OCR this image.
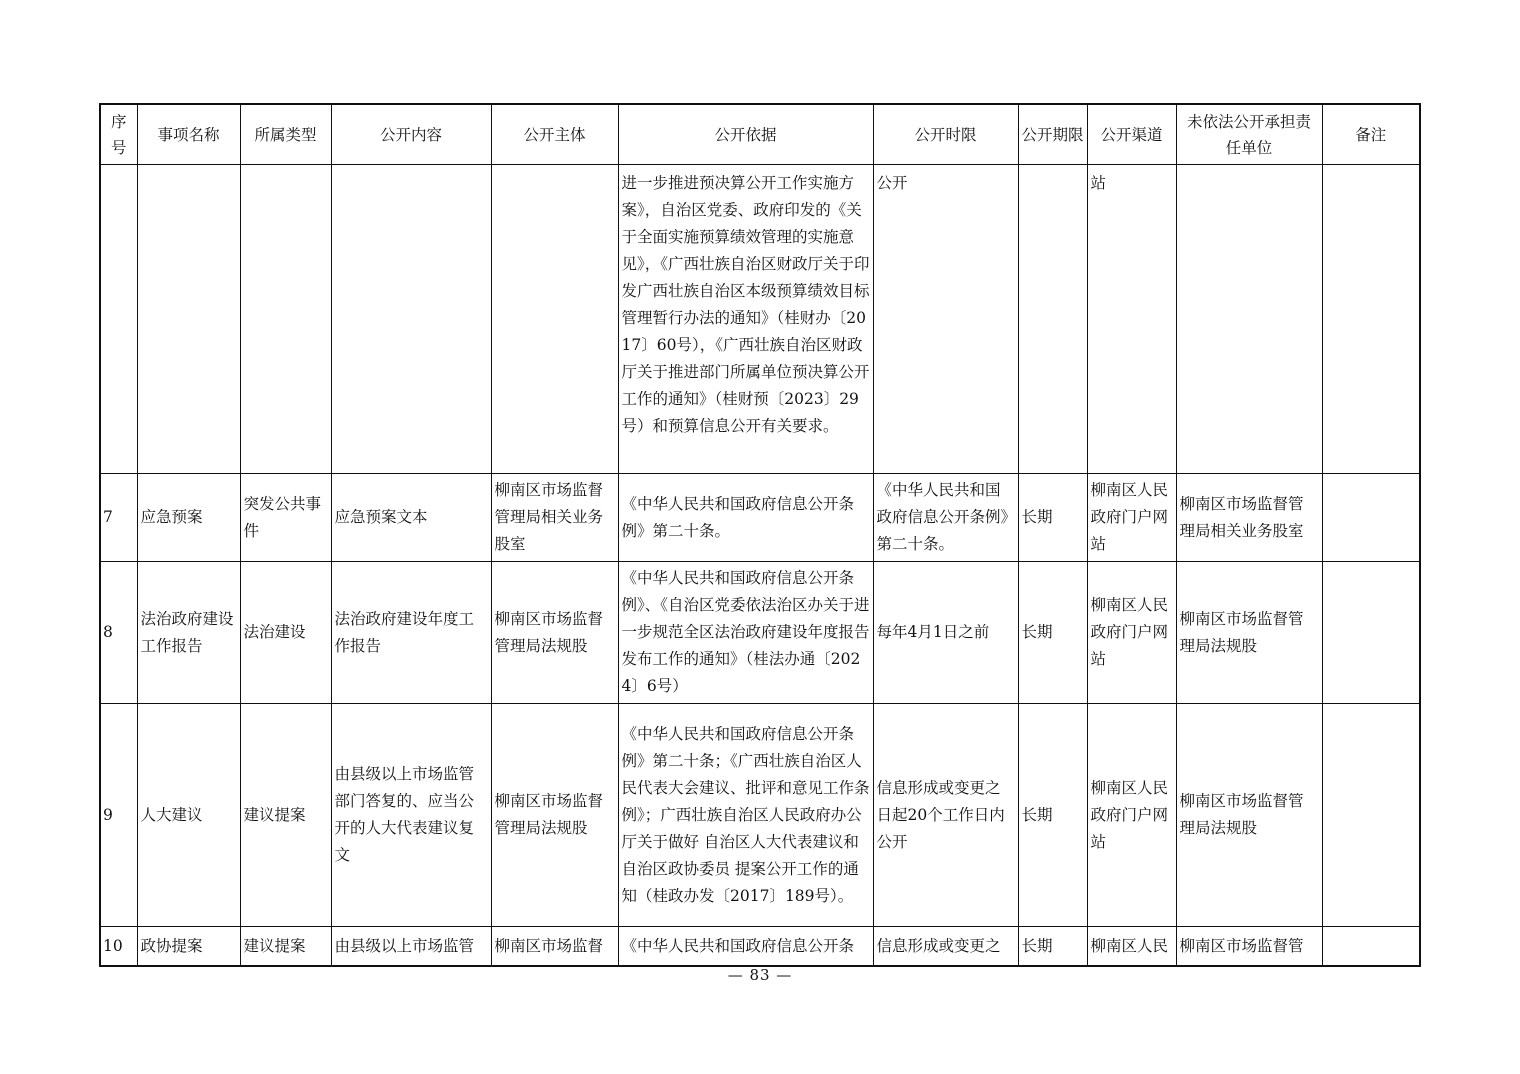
序号	事项名称	所属类型	公开内容	公开主体	公开依据	公开时限	公开期限	公开渠道	未依法公开承担责任单位	备注
					进一步推进预决算公开工作实施方案》，自治区党委、政府印发的《关于全面实施预算绩效管理的实施意见》，《广西壮族自治区财政厅关于印发广西壮族自治区本级预算绩效目标管理暂行办法的通知》（桂财办〔2017〕60号），《广西壮族自治区财政厅关于推进部门所属单位预决算公开工作的通知》（桂财预〔2023〕29号）和预算信息公开有关要求。	公开		站		
7	应急预案	突发公共事件	应急预案文本	柳南区市场监督管理局相关业务股室	《中华人民共和国政府信息公开条例》第二十条。	《中华人民共和国政府信息公开条例》第二十条。	长期	柳南区人民政府门户网站	柳南区市场监督管理局相关业务股室	
8	法治政府建设工作报告	法治建设	法治政府建设年度工作报告	柳南区市场监督管理局法规股	《中华人民共和国政府信息公开条例》、《自治区党委依法治区办关于进一步规范全区法治政府建设年度报告发布工作的通知》（桂法办通〔2024〕6号）	每年4月1日之前	长期	柳南区人民政府门户网站	柳南区市场监督管理局法规股	
9	人大建议	建议提案	由县级以上市场监管部门答复的、应当公开的人大代表建议复文	柳南区市场监督管理局法规股	《中华人民共和国政府信息公开条例》第二十条；《广西壮族自治区人民代表大会建议、批评和意见工作条例》；广西壮族自治区人民政府办公厅关于做好 自治区人大代表建议和自治区政协委员 提案公开工作的通知（桂政办发〔2017〕189号）。	信息形成或变更之日起20个工作日内公开	长期	柳南区人民政府门户网站	柳南区市场监督管理局法规股	
10	政协提案	建议提案	由县级以上市场监管	柳南区市场监督	《中华人民共和国政府信息公开条	信息形成或变更之	长期	柳南区人民	柳南区市场监督管	
— 83 —
